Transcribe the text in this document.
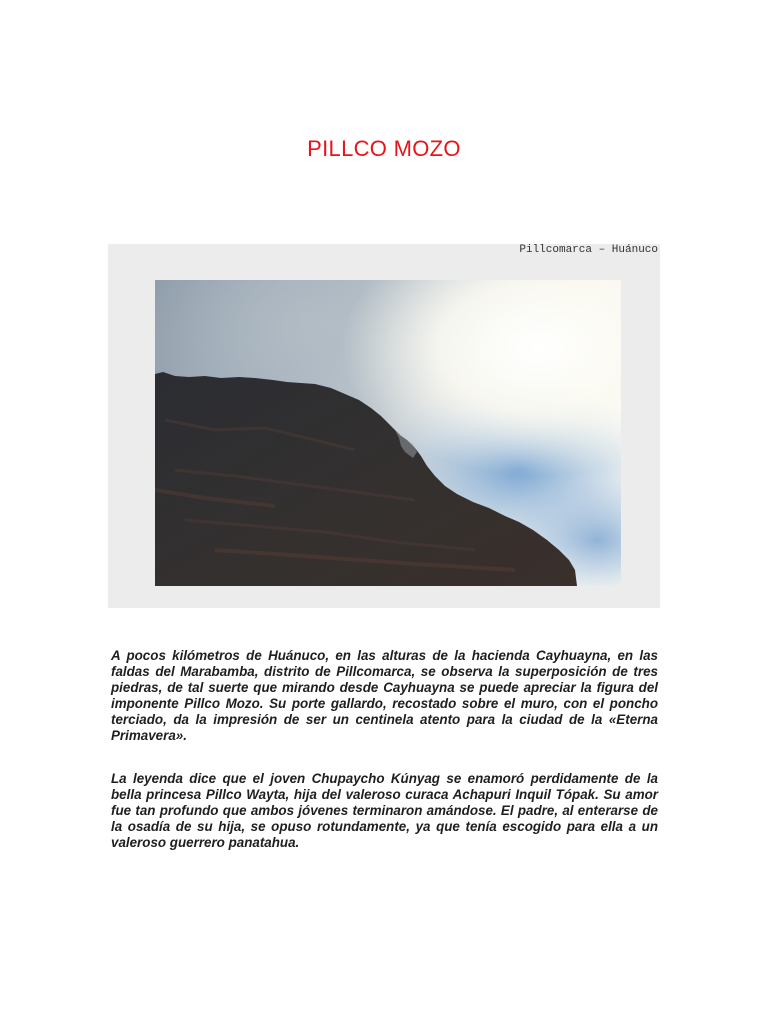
PILLCO MOZO
Pillcomarca – Huánuco

A pocos kilómetros de Huánuco, en las alturas de la hacienda Cayhuayna, en las faldas del Marabamba, distrito de Pillcomarca, se observa la superposición de tres piedras, de tal suerte que mirando desde Cayhuayna se puede apreciar la figura del imponente Pillco Mozo. Su porte gallardo, recostado sobre el muro, con el poncho terciado, da la impresión de ser un centinela atento para la ciudad de la «Eterna Primavera».

La leyenda dice que el joven Chupaycho Kúnyag se enamoró perdidamente de la bella princesa Pillco Wayta, hija del valeroso curaca Achapuri Inquil Tópak. Su amor fue tan profundo que ambos jóvenes terminaron amándose. El padre, al enterarse de la osadía de su hija, se opuso rotundamente, ya que tenía escogido para ella a un valeroso guerrero panatahua.
